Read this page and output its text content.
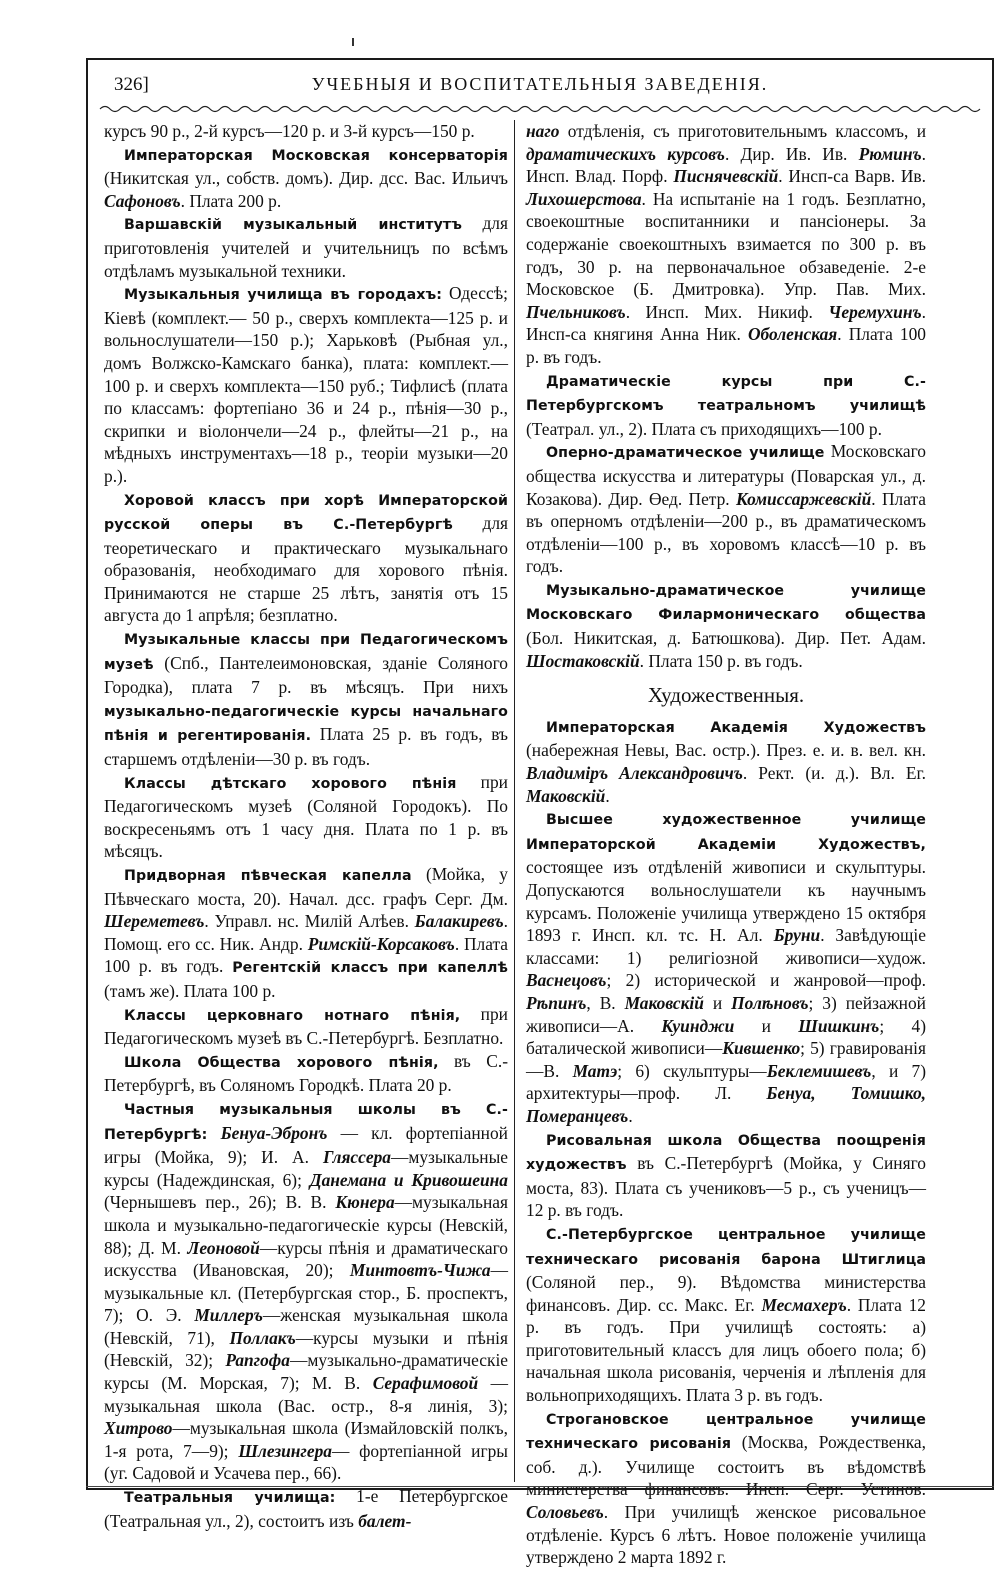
326]	УЧЕБНЫЯ И ВОСПИТАТЕЛЬНЫЯ ЗАВЕДЕНІЯ.

курсъ 90 р., 2-й курсъ—120 р. и 3-й курсъ—150 р.

Императорская Московская консерваторія (Никитская ул., собств. домъ). Дир. дсс. Вас. Ильичъ Сафоновъ. Плата 200 р.

Варшавскій музыкальный институтъ для приготовленія учителей и учительницъ по всѣмъ отдѣламъ музыкальной техники.

Музыкальныя училища въ городахъ: Одессѣ; Кіевѣ (комплект.— 50 р., сверхъ комплекта—125 р. и вольнослушатели—150 р.); Харьковѣ (Рыбная ул., домъ Волжско-Камскаго банка), плата: комплект.—100 р. и сверхъ комплекта—150 руб.; Тифлисѣ (плата по классамъ: фортепіано 36 и 24 р., пѣнія—30 р., скрипки и віолончели—24 р., флейты—21 р., на мѣдныхъ инструментахъ—18 р., теоріи музыки—20 р.).

Хоровой классъ при хорѣ Императорской русской оперы въ С.-Петербургѣ для теоретическаго и практическаго музыкальнаго образованія, необходимаго для хорового пѣнія. Принимаются не старше 25 лѣтъ, занятія отъ 15 августа до 1 апрѣля; безплатно.

Музыкальные классы при Педагогическомъ музеѣ (Спб., Пантелеимоновская, зданіе Соляного Городка), плата 7 р. въ мѣсяцъ. При нихъ музыкально-педагогическіе курсы начальнаго пѣнія и регентированія. Плата 25 р. въ годъ, въ старшемъ отдѣленіи—30 р. въ годъ.

Классы дѣтскаго хорового пѣнія при Педагогическомъ музеѣ (Соляной Городокъ). По воскресеньямъ отъ 1 часу дня. Плата по 1 р. въ мѣсяцъ.

Придворная пѣвческая капелла (Мойка, у Пѣвческаго моста, 20). Начал. дсс. графъ Серг. Дм. Шереметевъ. Управл. нс. Милій Алѣев. Балакиревъ. Помощ. его сс. Ник. Андр. Римскій-Корсаковъ. Плата 100 р. въ годъ. Регентскій классъ при капеллѣ (тамъ же). Плата 100 р.

Классы церковнаго нотнаго пѣнія, при Педагогическомъ музеѣ въ С.-Петербургѣ. Безплатно.

Школа Общества хорового пѣнія, въ С.-Петербургѣ, въ Соляномъ Городкѣ. Плата 20 р.

Частныя музыкальныя школы въ С.-Петербургѣ: Бенуа-Эбронъ — кл. фортепіанной игры (Мойка, 9); И. А. Глясcера—музыкальные курсы (Надеждинская, 6); Данемана и Кривошеина (Чернышевъ пер., 26); В. В. Кюнера—музыкальная школа и музыкально-педагогическіе курсы (Невскій, 88); Д. М. Леоновой—курсы пѣнія и драматическаго искусства (Ивановская, 20); Минтовтъ-Чижа—музыкальные кл. (Петербургская стор., Б. проспектъ, 7); О. Э. Миллеръ—женская музыкальная школа (Невскій, 71), Поллакъ—курсы музыки и пѣнія (Невскій, 32); Рапгофа—музыкально-драматическіе курсы (М. Морская, 7); М. В. Серафимовой — музыкальная школа (Вас. остр., 8-я линія, 3); Хитрово—музыкальная школа (Измайловскій полкъ, 1-я рота, 7—9); Шлезингера— фортепіанной игры (уг. Садовой и Усачева пер., 66).

Театральныя училища: 1-е Петербургское (Театральная ул., 2), состоитъ изъ балет-

наго отдѣленія, съ приготовительнымъ классомъ, и драматическихъ курсовъ. Дир. Ив. Ив. Рюминъ. Инсп. Влад. Порф. Писнячевскій. Инсп-са Варв. Ив. Лихошерстова. На испытаніе на 1 годъ. Безплатно, своекоштные воспитанники и пансіонеры. За содержаніе своекоштныхъ взимается по 300 р. въ годъ, 30 р. на первоначальное обзаведеніе. 2-е Московское (Б. Дмитровка). Упр. Пав. Мих. Пчельниковъ. Инсп. Мих. Никиф. Черемухинъ. Инсп-са княгиня Анна Ник. Оболенская. Плата 100 р. въ годъ.

Драматическіе курсы при С.-Петербургскомъ театральномъ училищѣ (Театрал. ул., 2). Плата съ приходящихъ—100 р.

Оперно-драматическое училище Московскаго общества искусства и литературы (Поварская ул., д. Козакова). Дир. Өед. Петр. Комиссаржевскій. Плата въ оперномъ отдѣленіи—200 р., въ драматическомъ отдѣленіи—100 р., въ хоровомъ классѣ—10 р. въ годъ.

Музыкально-драматическое училище Московскаго Филармоническаго общества (Бол. Никитская, д. Батюшкова). Дир. Пет. Адам. Шостаковскій. Плата 150 р. въ годъ.

Художественныя.

Императорская Академія Художествъ (набережная Невы, Вас. остр.). През. е. и. в. вел. кн. Владиміръ Александровичъ. Рект. (и. д.). Вл. Ег. Маковскій.

Высшее художественное училище Императорской Академіи Художествъ, состоящее изъ отдѣленій живописи и скульптуры. Допускаются вольнослушатели къ научнымъ курсамъ. Положеніе училища утверждено 15 октября 1893 г. Инсп. кл. тс. Н. Ал. Бруни. Завѣдующіе классами: 1) религіозной живописи—худож. Васнецовъ; 2) исторической и жанровой—проф. Рѣпинъ, В. Маковскій и Полѣновъ; 3) пейзажной живописи—А. Куинджи и Шишкинъ; 4) баталической живописи—Кившенко; 5) гравированія—В. Матэ; 6) скульптуры—Беклемишевъ, и 7) архитектуры—проф. Л. Бенуа, Томишко, Померанцевъ.

Рисовальная школа Общества поощренія художествъ въ С.-Петербургѣ (Мойка, у Синяго моста, 83). Плата съ учениковъ—5 р., съ ученицъ—12 р. въ годъ.

С.-Петербургское центральное училище техническаго рисованія барона Штиглица (Соляной пер., 9). Вѣдомства министерства финансовъ. Дир. сс. Макс. Ег. Месмахеръ. Плата 12 р. въ годъ. При училищѣ состоять: а) приготовительный классъ для лицъ обоего пола; б) начальная школа рисованія, черченія и лѣпленія для вольноприходящихъ. Плата 3 р. въ годъ.

Строгановское центральное училище техническаго рисованія (Москва, Рождественка, соб. д.). Училище состоитъ въ вѣдомствѣ министерства финансовъ. Инсп. Серг. Устинов. Соловьевъ. При училищѣ женское рисовальное отдѣленіе. Курсъ 6 лѣтъ. Новое положеніе училища утверждено 2 марта 1892 г.
